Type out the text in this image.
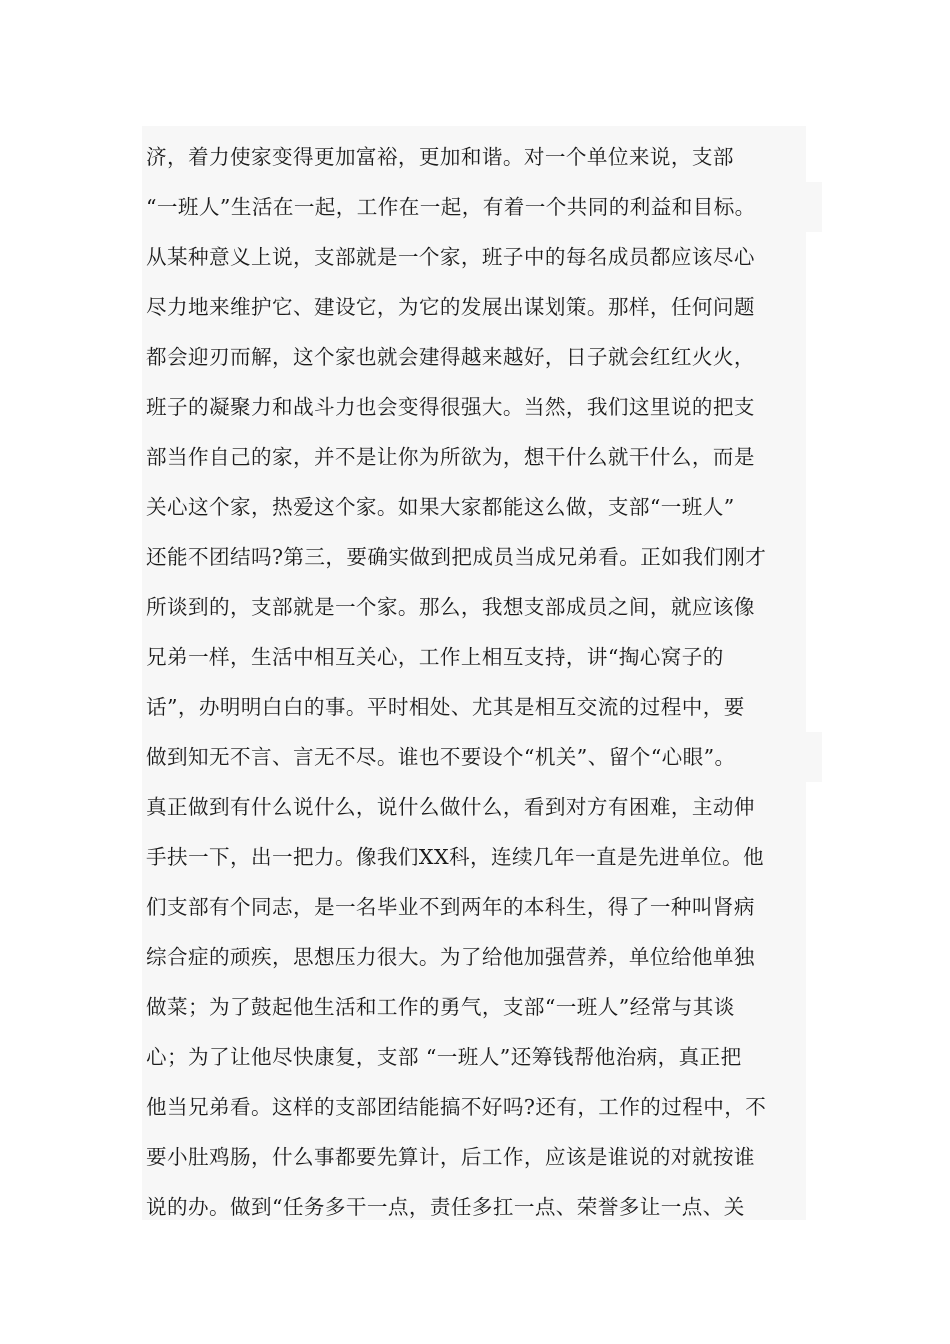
济，着力使家变得更加富裕，更加和谐。对一个单位来说，支部
“一班人”生活在一起，工作在一起，有着一个共同的利益和目标。
从某种意义上说，支部就是一个家，班子中的每名成员都应该尽心
尽力地来维护它、建设它，为它的发展出谋划策。那样，任何问题
都会迎刃而解，这个家也就会建得越来越好，日子就会红红火火，
班子的凝聚力和战斗力也会变得很强大。当然，我们这里说的把支
部当作自己的家，并不是让你为所欲为，想干什么就干什么，而是
关心这个家，热爱这个家。如果大家都能这么做，支部“一班人”
还能不团结吗?第三，要确实做到把成员当成兄弟看。正如我们刚才
所谈到的，支部就是一个家。那么，我想支部成员之间，就应该像
兄弟一样，生活中相互关心，工作上相互支持，讲“掏心窝子的
话”，办明明白白的事。平时相处、尤其是相互交流的过程中，要
做到知无不言、言无不尽。谁也不要设个“机关”、留个“心眼”。
真正做到有什么说什么，说什么做什么，看到对方有困难，主动伸
手扶一下，出一把力。像我们XX科，连续几年一直是先进单位。他
们支部有个同志，是一名毕业不到两年的本科生，得了一种叫肾病
综合症的顽疾，思想压力很大。为了给他加强营养，单位给他单独
做菜；为了鼓起他生活和工作的勇气，支部“一班人”经常与其谈
心；为了让他尽快康复，支部 “一班人”还筹钱帮他治病，真正把
他当兄弟看。这样的支部团结能搞不好吗?还有，工作的过程中，不
要小肚鸡肠，什么事都要先算计，后工作，应该是谁说的对就按谁
说的办。做到“任务多干一点，责任多扛一点、荣誉多让一点、关
